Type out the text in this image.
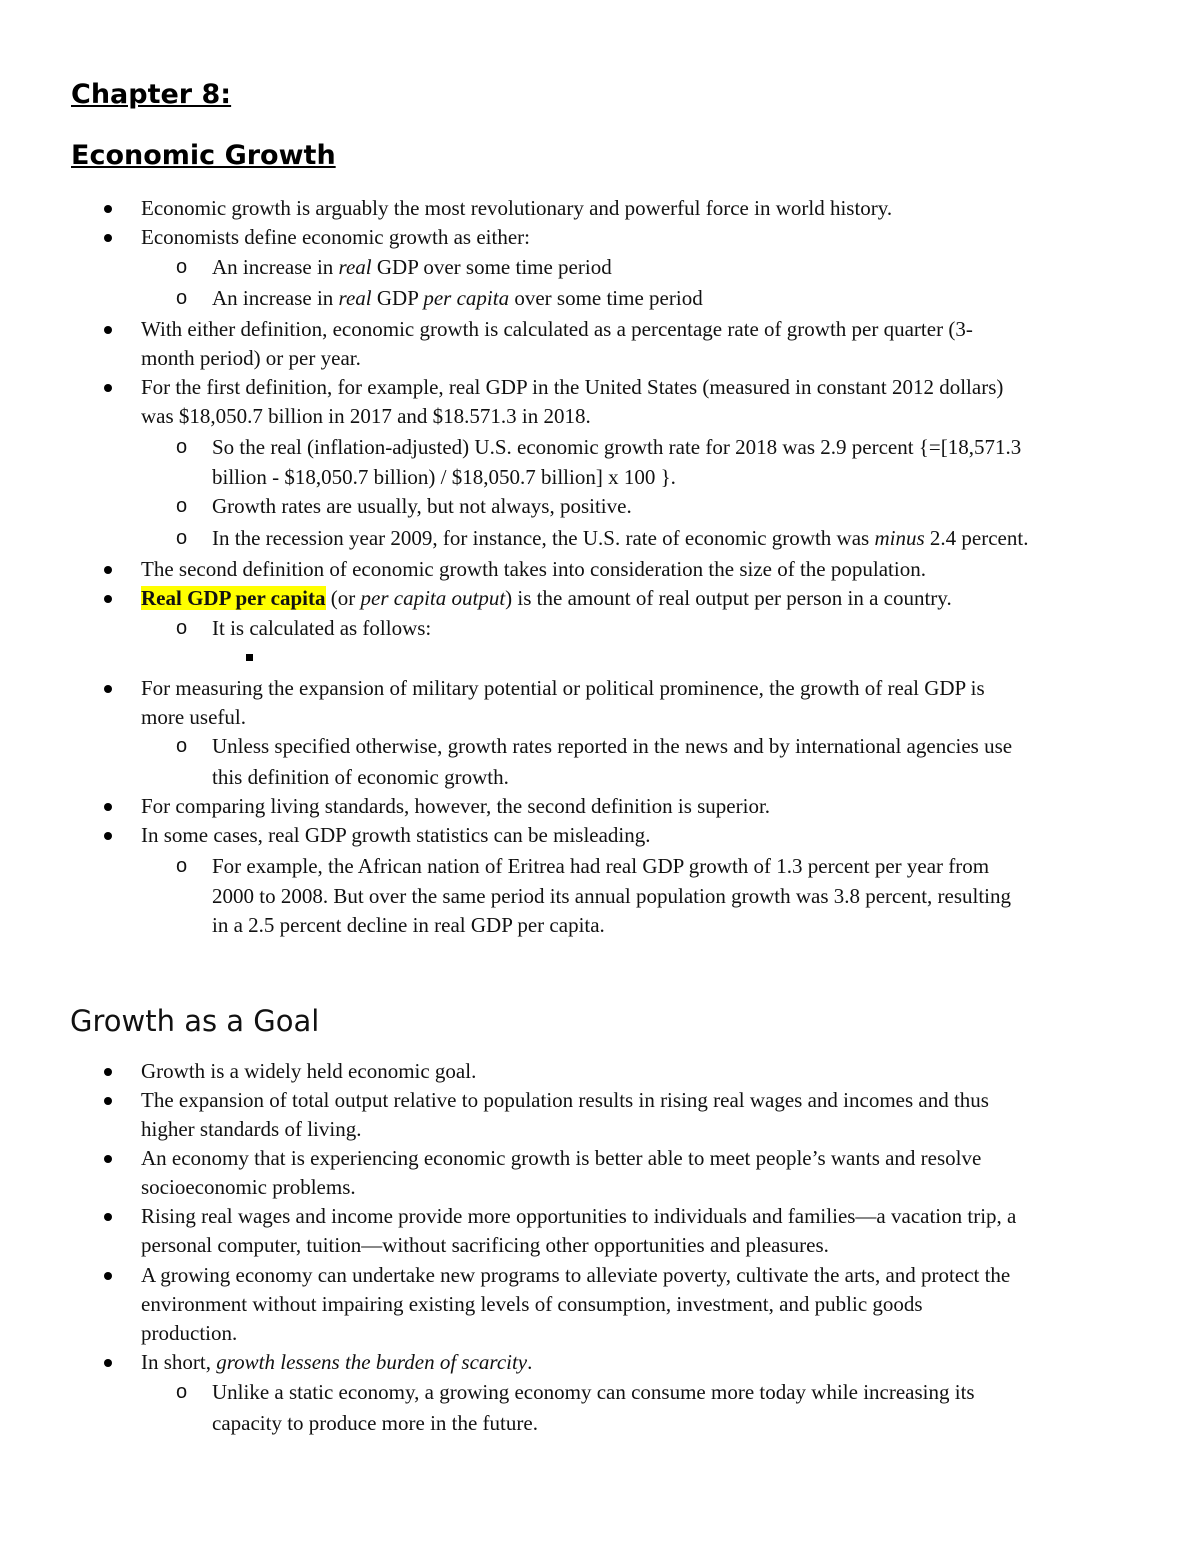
Chapter 8:
Economic Growth
Economic growth is arguably the most revolutionary and powerful force in world history.
Economists define economic growth as either:
o An increase in real GDP over some time period
o An increase in real GDP per capita over some time period
With either definition, economic growth is calculated as a percentage rate of growth per quarter (3-
month period) or per year.
For the first definition, for example, real GDP in the United States (measured in constant 2012 dollars)
was $18,050.7 billion in 2017 and $18.571.3 in 2018.
o So the real (inflation-adjusted) U.S. economic growth rate for 2018 was 2.9 percent {=[18,571.3
billion - $18,050.7 billion) / $18,050.7 billion] x 100 }.
o Growth rates are usually, but not always, positive.
o In the recession year 2009, for instance, the U.S. rate of economic growth was minus 2.4 percent.
The second definition of economic growth takes into consideration the size of the population.
Real GDP per capita (or per capita output) is the amount of real output per person in a country.
o It is calculated as follows:
For measuring the expansion of military potential or political prominence, the growth of real GDP is
more useful.
o Unless specified otherwise, growth rates reported in the news and by international agencies use
this definition of economic growth.
For comparing living standards, however, the second definition is superior.
In some cases, real GDP growth statistics can be misleading.
o For example, the African nation of Eritrea had real GDP growth of 1.3 percent per year from
2000 to 2008. But over the same period its annual population growth was 3.8 percent, resulting
in a 2.5 percent decline in real GDP per capita.
Growth as a Goal
Growth is a widely held economic goal.
The expansion of total output relative to population results in rising real wages and incomes and thus
higher standards of living.
An economy that is experiencing economic growth is better able to meet people’s wants and resolve
socioeconomic problems.
Rising real wages and income provide more opportunities to individuals and families—a vacation trip, a
personal computer, tuition—without sacrificing other opportunities and pleasures.
A growing economy can undertake new programs to alleviate poverty, cultivate the arts, and protect the
environment without impairing existing levels of consumption, investment, and public goods
production.
In short, growth lessens the burden of scarcity.
o Unlike a static economy, a growing economy can consume more today while increasing its
capacity to produce more in the future.
